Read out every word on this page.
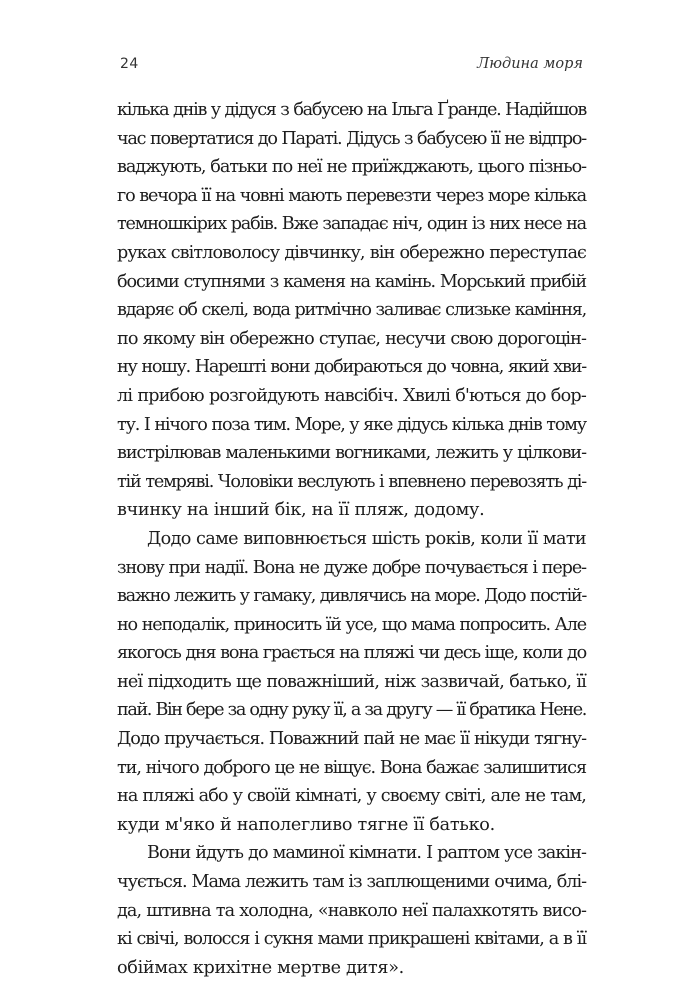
24	Людина моря

кілька днів у дідуся з бабусею на Ільга Ґранде. Надійшов
час повертатися до Параті. Дідусь з бабусею її не відпро-
ваджують, батьки по неї не приїжджають, цього пізньо-
го вечора її на човні мають перевезти через море кілька
темношкірих рабів. Вже западає ніч, один із них несе на
руках світловолосу дівчинку, він обережно переступає
босими ступнями з каменя на камінь. Морський прибій
вдаряє об скелі, вода ритмічно заливає слизьке каміння,
по якому він обережно ступає, несучи свою дорогоцін-
ну ношу. Нарешті вони добираються до човна, який хви-
лі прибою розгойдують навсібіч. Хвилі б'ються до бор-
ту. І нічого поза тим. Море, у яке дідусь кілька днів тому
вистрілював маленькими вогниками, лежить у цілкови-
тій темряві. Чоловіки веслують і впевнено перевозять ді-
вчинку на інший бік, на її пляж, додому.

Додо саме виповнюється шість років, коли її мати
знову при надії. Вона не дуже добре почувається і пере-
важно лежить у гамаку, дивлячись на море. Додо постій-
но неподалік, приносить їй усе, що мама попросить. Але
якогось дня вона грається на пляжі чи десь іще, коли до
неї підходить ще поважніший, ніж зазвичай, батько, її
пай. Він бере за одну руку її, а за другу — її братика Нене.
Додо пручається. Поважний пай не має її нікуди тягну-
ти, нічого доброго це не віщує. Вона бажає залишитися
на пляжі або у своїй кімнаті, у своєму світі, але не там,
куди м'яко й наполегливо тягне її батько.

Вони йдуть до маминої кімнати. І раптом усе закін-
чується. Мама лежить там із заплющеними очима, блі-
да, штивна та холодна, «навколо неї палахкотять висо-
кі свічі, волосся і сукня мами прикрашені квітами, а в її
обіймах крихітне мертве дитя».
